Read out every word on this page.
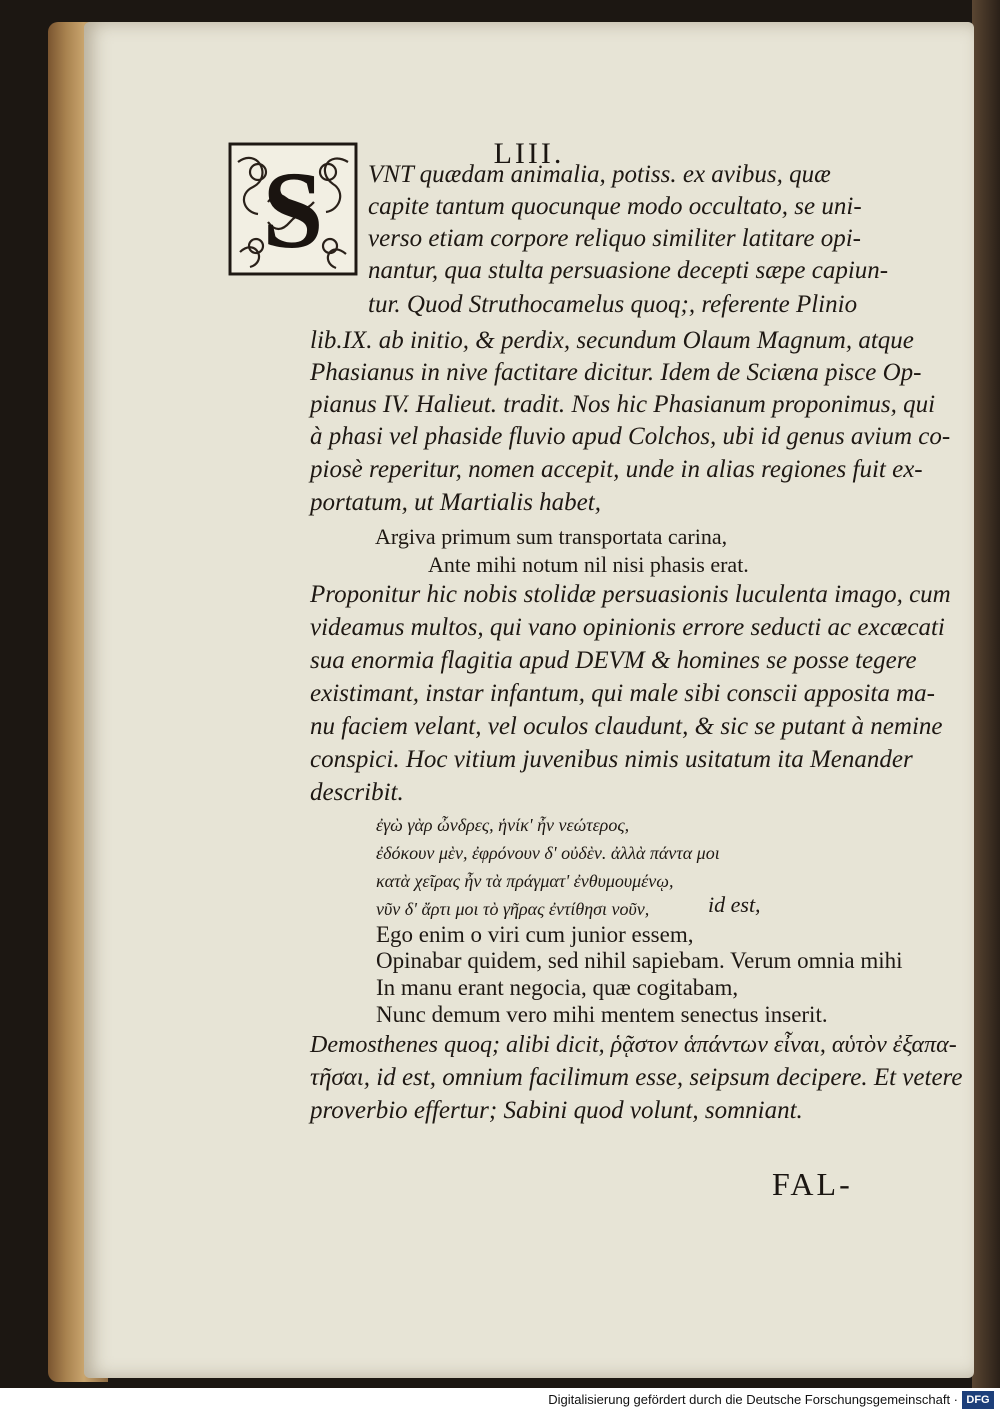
LIII.
S VNT quædam animalia, potiss. ex avibus, quæ
capite tantum quocunque modo occultato, se uni-
verso etiam corpore reliquo similiter latitare opi-
nantur, qua stulta persuasione decepti sæpe capiun-
tur. Quod Struthocamelus quoq;, referente Plinio
lib.IX. ab initio, & perdix, secundum Olaum Magnum, atque
Phasianus in nive factitare dicitur. Idem de Sciæna pisce Op-
pianus IV. Halieut. tradit. Nos hic Phasianum proponimus, qui
à phasi vel phaside fluvio apud Colchos, ubi id genus avium co-
piosè reperitur, nomen accepit, unde in alias regiones fuit ex-
portatum, ut Martialis habet,
Argiva primum sum transportata carina,
Ante mihi notum nil nisi phasis erat.
Proponitur hic nobis stolidæ persuasionis luculenta imago, cum
videamus multos, qui vano opinionis errore seducti ac excæcati
sua enormia flagitia apud DEVM & homines se posse tegere
existimant, instar infantum, qui male sibi conscii apposita ma-
nu faciem velant, vel oculos claudunt, & sic se putant à nemine
conspici. Hoc vitium juvenibus nimis usitatum ita Menander
describit.
ἐγὼ γὰρ ὦνδρες, ἡνίκ' ἦν νεώτερος,
ἐδόκουν μὲν, ἐφρόνουν δ' οὐδὲν. ἀλλὰ πάντα μοι
κατὰ χεῖρας ἦν τὰ πράγματ' ἐνθυμουμένῳ,
νῦν δ' ἄρτι μοι τὸ γῆρας ἐντίθησι νοῦν,	id est,
Ego enim o viri cum junior essem,
Opinabar quidem, sed nihil sapiebam. Verum omnia mihi
In manu erant negocia, quæ cogitabam,
Nunc demum vero mihi mentem senectus inserit.
Demosthenes quoq; alibi dicit, ῥᾷστον ἁπάντων εἶναι, αὑτὸν ἐξαπα-
τῆσαι, id est, omnium facilimum esse, seipsum decipere. Et vetere
proverbio effertur; Sabini quod volunt, somniant.
FAL-
Digitalisierung gefördert durch die Deutsche Forschungsgemeinschaft · DFG
